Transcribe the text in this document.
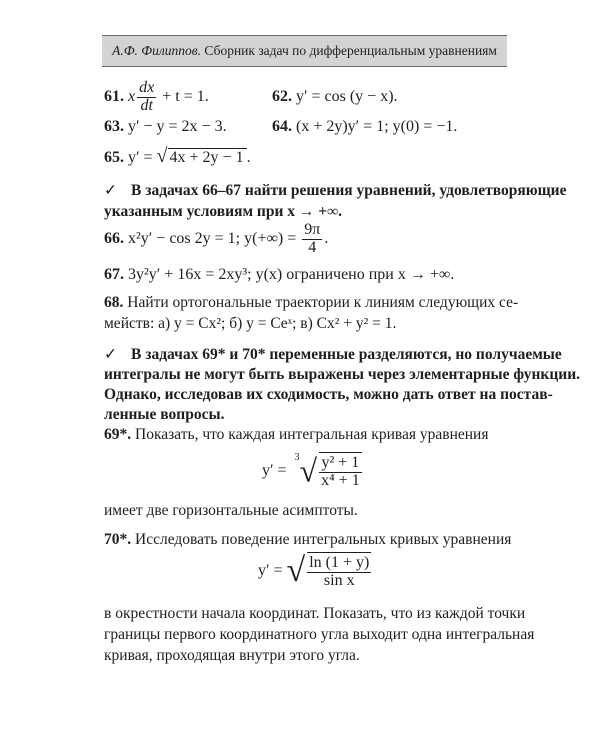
А.Ф. Филиппов. Сборник задач по дифференциальным уравнениям
61. x $\frac{dx}{dt} + t = 1$.	62. y′ = cos (y − x).
63. y′ − y = 2x − 3.	64. (x + 2y)y′ = 1; y(0) = −1.
65. y′ = √ 4x + 2y − 1 .
✓ В задачах 66–67 найти решения уравнений, удовлетворяющие
указанным условиям при x → +∞.
66. x²y′ − cos 2y = 1; $y(+\infty) = \frac{9\pi}{4}$ .
67. 3y²y′ + 16x = 2xy³; y(x) ограничено при x → +∞.
68. Найти ортогональные траектории к линиям следующих се-
мейств: а) y = Cx²; б) y = Ceˣ; в) Cx² + y² = 1.
✓ В задачах 69* и 70* переменные разделяются, но получаемые
интегралы не могут быть выражены через элементарные функции.
Однако, исследовав их сходимость, можно дать ответ на постав-
ленные вопросы.
69*. Показать, что каждая интегральная кривая уравнения
$y' = ^3√ \frac{\text{y² + 1}}{\text{x⁴ + 1}}$
имеет две горизонтальные асимптоты.
70*. Исследовать поведение интегральных кривых уравнения
y′ = √ $\frac{\ln (1 + y)}{\text{sin x}}$
в окрестности начала координат. Показать, что из каждой точки
границы первого координатного угла выходит одна интегральная
кривая, проходящая внутри этого угла.
